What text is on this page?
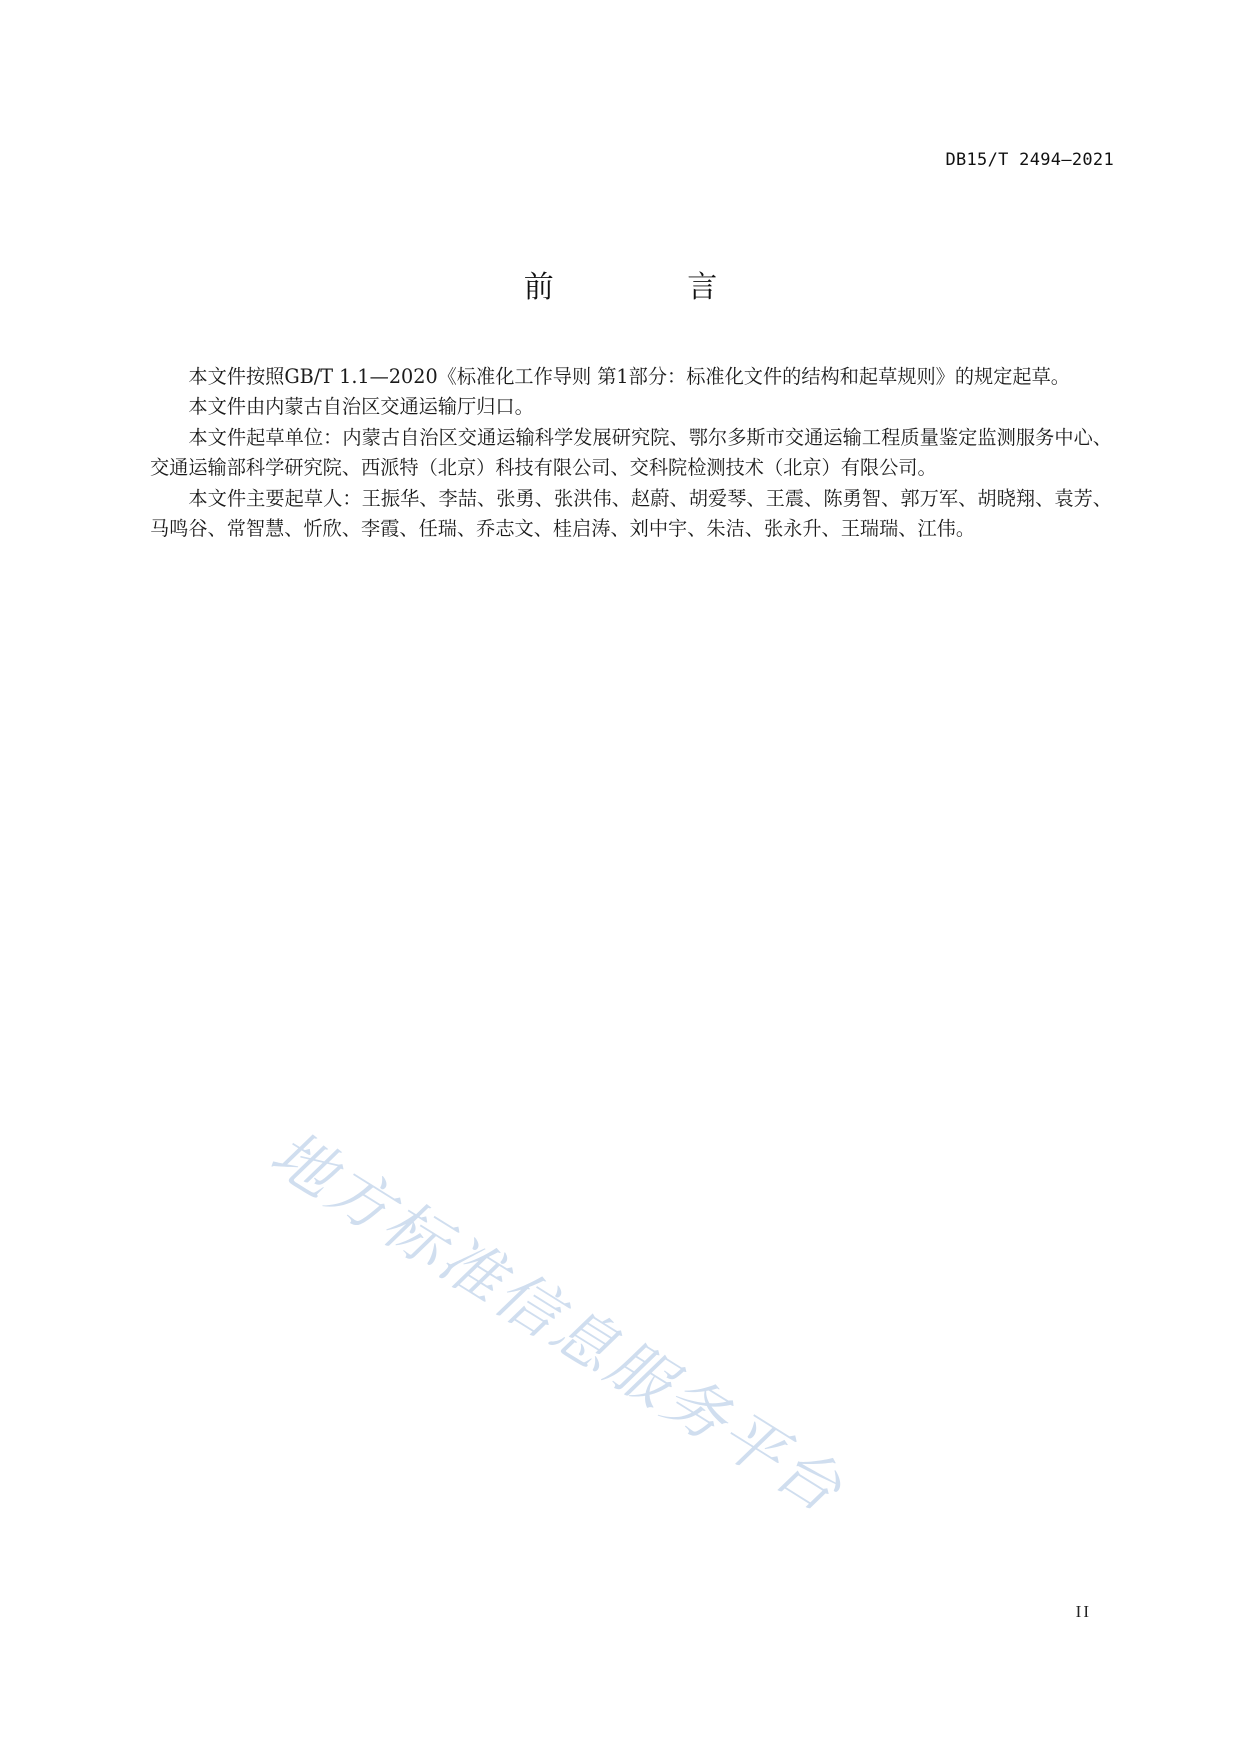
DB15/T 2494—2021
前 言

本文件按照GB/T 1.1—2020《标准化工作导则 第1部分：标准化文件的结构和起草规则》的规定起草。

本文件由内蒙古自治区交通运输厅归口。

本文件起草单位：内蒙古自治区交通运输科学发展研究院、鄂尔多斯市交通运输工程质量鉴定监测服务中心、交通运输部科学研究院、西派特（北京）科技有限公司、交科院检测技术（北京）有限公司。

本文件主要起草人：王振华、李喆、张勇、张洪伟、赵蔚、胡爱琴、王震、陈勇智、郭万军、胡晓翔、袁芳、马鸣谷、常智慧、忻欣、李霞、任瑞、乔志文、桂启涛、刘中宇、朱洁、张永升、王瑞瑞、江伟。

地方标准信息服务平台
II
